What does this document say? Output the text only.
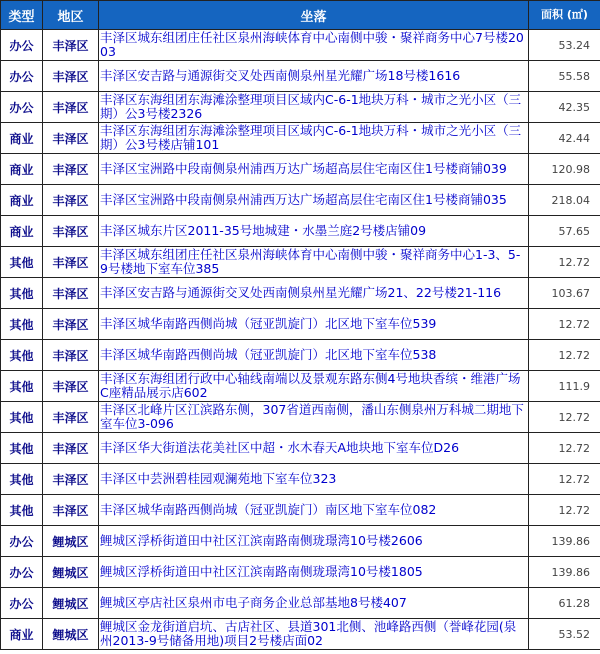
类型	地区	坐落	面积 (㎡)
办公	丰泽区	丰泽区城东组团庄任社区泉州海峡体育中心南侧中骏・聚祥商务中心7号楼2003	53.24
办公	丰泽区	丰泽区安吉路与通源街交叉处西南侧泉州星光耀广场18号楼1616	55.58
办公	丰泽区	丰泽区东海组团东海滩涂整理项目区域内C-6-1地块万科・城市之光小区（三期）公3号楼2326	42.35
商业	丰泽区	丰泽区东海组团东海滩涂整理项目区域内C-6-1地块万科・城市之光小区（三期）公3号楼店铺101	42.44
商业	丰泽区	丰泽区宝洲路中段南侧泉州浦西万达广场超高层住宅南区住1号楼商铺039	120.98
商业	丰泽区	丰泽区宝洲路中段南侧泉州浦西万达广场超高层住宅南区住1号楼商铺035	218.04
商业	丰泽区	丰泽区城东片区2011-35号地城建・水墨兰庭2号楼店铺09	57.65
其他	丰泽区	丰泽区城东组团庄任社区泉州海峡体育中心南侧中骏・聚祥商务中心1-3、5-9号楼地下室车位385	12.72
其他	丰泽区	丰泽区安吉路与通源街交叉处西南侧泉州星光耀广场21、22号楼21-116	103.67
其他	丰泽区	丰泽区城华南路西侧尚城（冠亚凯旋门）北区地下室车位539	12.72
其他	丰泽区	丰泽区城华南路西侧尚城（冠亚凯旋门）北区地下室车位538	12.72
其他	丰泽区	丰泽区东海组团行政中心轴线南端以及景观东路东侧4号地块香缤・维港广场C座精品展示店602	111.9
其他	丰泽区	丰泽区北峰片区江滨路东侧，307省道西南侧，潘山东侧泉州万科城二期地下室车位3-096	12.72
其他	丰泽区	丰泽区华大街道法花美社区中超・水木春天A地块地下室车位D26	12.72
其他	丰泽区	丰泽区中芸洲碧桂园观澜苑地下室车位323	12.72
其他	丰泽区	丰泽区城华南路西侧尚城（冠亚凯旋门）南区地下室车位082	12.72
办公	鲤城区	鲤城区浮桥街道田中社区江滨南路南侧珑璟湾10号楼2606	139.86
办公	鲤城区	鲤城区浮桥街道田中社区江滨南路南侧珑璟湾10号楼1805	139.86
办公	鲤城区	鲤城区亭店社区泉州市电子商务企业总部基地8号楼407	61.28
商业	鲤城区	鲤城区金龙街道启坑、古店社区、县道301北侧、池峰路西侧（誉峰花园(泉州2013-9号储备用地)项目2号楼店面02	53.52
